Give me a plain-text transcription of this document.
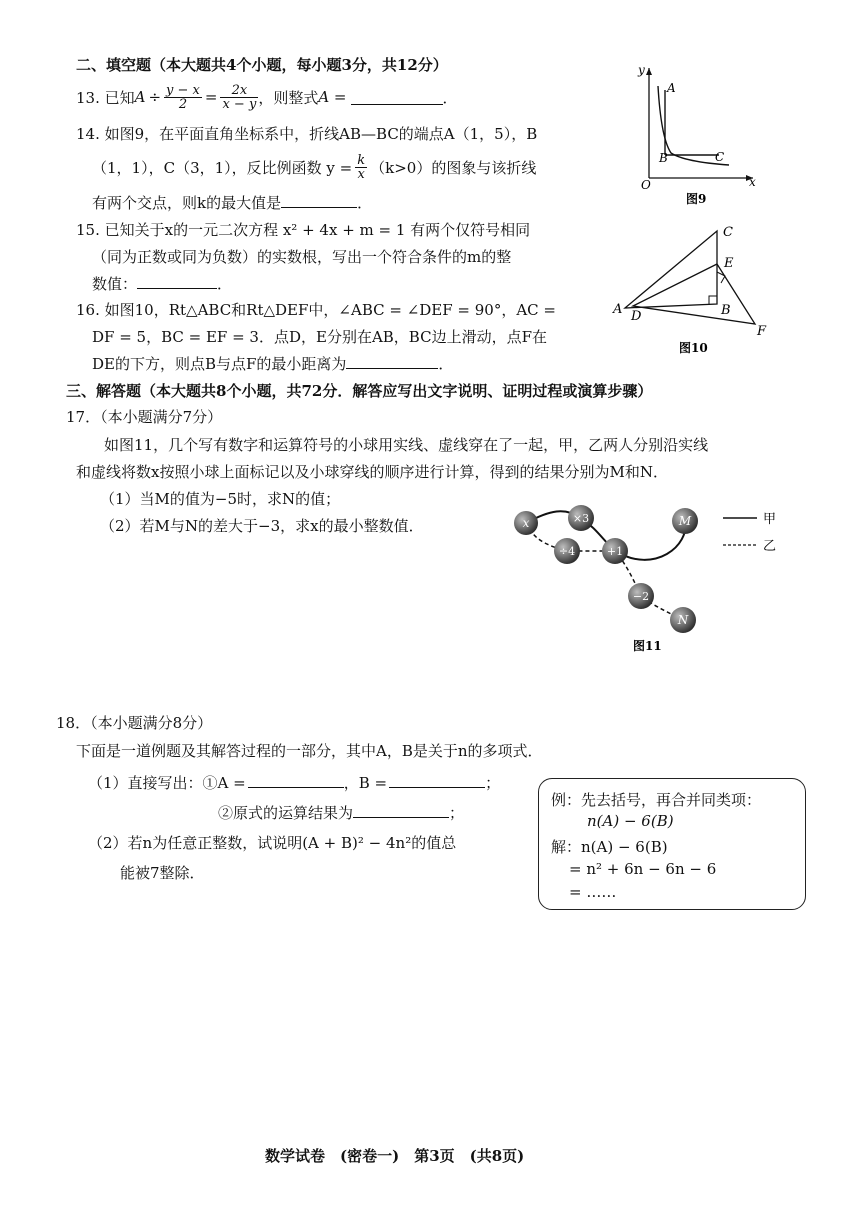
二、填空题（本大题共4个小题，每小题3分，共12分）
13. 已知 $A \div \frac{y - x}{2} = \frac{2x}{x - y}$ ，则整式 A =	．
14. 如图9，在平面直角坐标系中，折线AB—BC的端点A（1，5），B
（1，1），C（3，1），反比例函数 $y = \frac{k}{x} (k>0)$的图象与该折线
有两个交点，则k的最大值是	．
15. 已知关于x的一元二次方程 x² + 4x + m = 1 有两个仅符号相同
（同为正数或同为负数）的实数根，写出一个符合条件的m的整
数值：	．
16. 如图10，Rt△ABC和Rt△DEF中，∠ABC = ∠DEF = 90°，AC =
DF = 5，BC = EF = 3．点D，E分别在AB，BC边上滑动，点F在
DE的下方，则点B与点F的最小距离为	．
y
x
O
A
B	C
图9
A	B
C
D
E
F
图10
三、解答题（本大题共8个小题，共72分．解答应写出文字说明、证明过程或演算步骤）
17．（本小题满分7分）
如图11，几个写有数字和运算符号的小球用实线、虚线穿在了一起，甲，乙两人分别沿实线
和虚线将数x按照小球上面标记以及小球穿线的顺序进行计算，得到的结果分别为M和N．
（1）当M的值为−5时，求N的值；
（2）若M与N的差大于−3，求x的最小整数值．	x	×3	M
÷4	+1
−2
N
甲
乙
图11
18．（本小题满分8分）
下面是一道例题及其解答过程的一部分，其中A，B是关于n的多项式．
（1）直接写出：①A =	，B =	；
②原式的运算结果为	；
（2）若n为任意正整数，试说明(A + B)² − 4n²的值总
能被7整除．
例：先去括号，再合并同类项：
n(A) − 6(B)
解：n(A) − 6(B)
= n² + 6n − 6n − 6
= ……
数学试卷　(密卷一)　第3页　(共8页)
